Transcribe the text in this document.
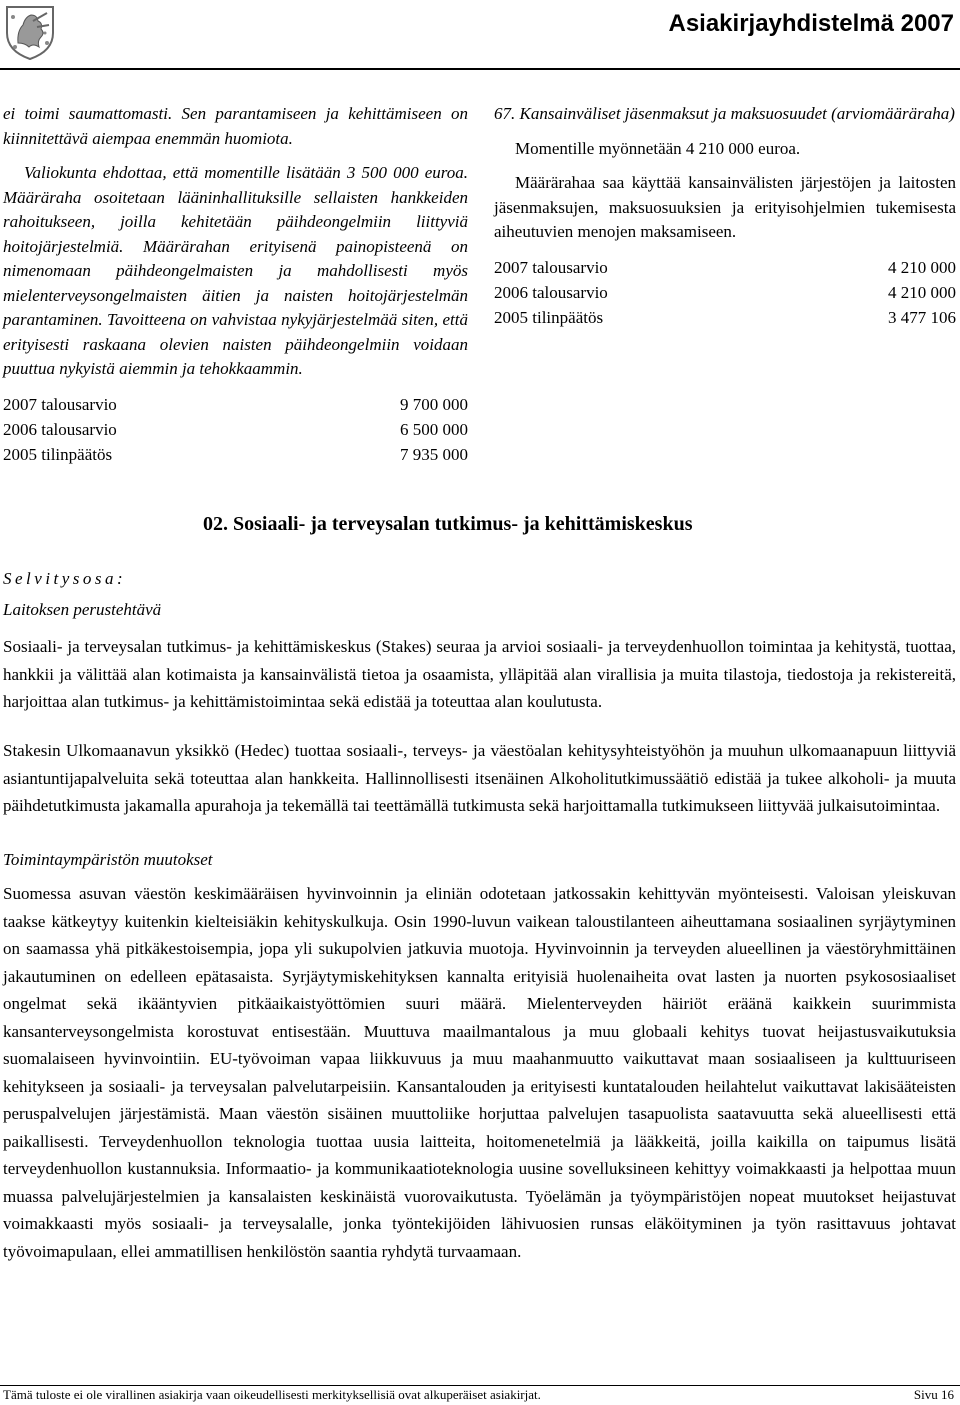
Asiakirjayhdistelmä 2007

ei toimi saumattomasti. Sen parantamiseen ja kehittämiseen on kiinnitettävä aiempaa enemmän huomiota.

Valiokunta ehdottaa, että momentille lisätään 3 500 000 euroa. Määräraha osoitetaan lääninhallituksille sellaisten hankkeiden rahoitukseen, joilla kehitetään päihdeongelmiin liittyviä hoitojärjestelmiä. Määrärahan erityisenä painopisteenä on nimenomaan päihdeongelmaisten ja mahdollisesti myös mielenterveysongelmaisten äitien ja naisten hoitojärjestelmän parantaminen. Tavoitteena on vahvistaa nykyjärjestelmää siten, että erityisesti raskaana olevien naisten päihdeongelmiin voidaan puuttua nykyistä aiemmin ja tehokkaammin.

2007 talousarvio	9 700 000
2006 talousarvio	6 500 000
2005 tilinpäätös	7 935 000

67. Kansainväliset jäsenmaksut ja maksuosuudet (arviomääräraha)

Momentille myönnetään 4 210 000 euroa.

Määrärahaa saa käyttää kansainvälisten järjestöjen ja laitosten jäsenmaksujen, maksuosuuksien ja erityisohjelmien tukemisesta aiheutuvien menojen maksamiseen.

2007 talousarvio	4 210 000
2006 talousarvio	4 210 000
2005 tilinpäätös	3 477 106
02. Sosiaali- ja terveysalan tutkimus- ja kehittämiskeskus
Selvitysosa:
Laitoksen perustehtävä
Sosiaali- ja terveysalan tutkimus- ja kehittämiskeskus (Stakes) seuraa ja arvioi sosiaali- ja terveydenhuollon toimintaa ja kehitystä, tuottaa, hankkii ja välittää alan kotimaista ja kansainvälistä tietoa ja osaamista, ylläpitää alan virallisia ja muita tilastoja, tiedostoja ja rekistereitä, harjoittaa alan tutkimus- ja kehittämistoimintaa sekä edistää ja toteuttaa alan koulutusta.
Stakesin Ulkomaanavun yksikkö (Hedec) tuottaa sosiaali-, terveys- ja väestöalan kehitysyhteistyöhön ja muuhun ulkomaanapuun liittyviä asiantuntijapalveluita sekä toteuttaa alan hankkeita. Hallinnollisesti itsenäinen Alkoholitutkimussäätiö edistää ja tukee alkoholi- ja muuta päihdetutkimusta jakamalla apurahoja ja tekemällä tai teettämällä tutkimusta sekä harjoittamalla tutkimukseen liittyvää julkaisutoimintaa.
Toimintaympäristön muutokset
Suomessa asuvan väestön keskimääräisen hyvinvoinnin ja eliniän odotetaan jatkossakin kehittyvän myönteisesti. Valoisan yleiskuvan taakse kätkeytyy kuitenkin kielteisiäkin kehityskulkuja. Osin 1990-luvun vaikean taloustilanteen aiheuttamana sosiaalinen syrjäytyminen on saamassa yhä pitkäkestoisempia, jopa yli sukupolvien jatkuvia muotoja. Hyvinvoinnin ja terveyden alueellinen ja väestöryhmittäinen jakautuminen on edelleen epätasaista. Syrjäytymiskehityksen kannalta erityisiä huolenaiheita ovat lasten ja nuorten psykososiaaliset ongelmat sekä ikääntyvien pitkäaikaistyöttömien suuri määrä. Mielenterveyden häiriöt eräänä kaikkein suurimmista kansanterveysongelmista korostuvat entisestään. Muuttuva maailmantalous ja muu globaali kehitys tuovat heijastusvaikutuksia suomalaiseen hyvinvointiin. EU-työvoiman vapaa liikkuvuus ja muu maahanmuutto vaikuttavat maan sosiaaliseen ja kulttuuriseen kehitykseen ja sosiaali- ja terveysalan palvelutarpeisiin. Kansantalouden ja erityisesti kuntatalouden heilahtelut vaikuttavat lakisääteisten peruspalvelujen järjestämistä. Maan väestön sisäinen muuttoliike horjuttaa palvelujen tasapuolista saatavuutta sekä alueellisesti että paikallisesti. Terveydenhuollon teknologia tuottaa uusia laitteita, hoitomenetelmiä ja lääkkeitä, joilla kaikilla on taipumus lisätä terveydenhuollon kustannuksia. Informaatio- ja kommunikaatioteknologia uusine sovelluksineen kehittyy voimakkaasti ja helpottaa muun muassa palvelujärjestelmien ja kansalaisten keskinäistä vuorovaikutusta. Työelämän ja työympäristöjen nopeat muutokset heijastuvat voimakkaasti myös sosiaali- ja terveysalalle, jonka työntekijöiden lähivuosien runsas eläköityminen ja työn rasittavuus johtavat työvoimapulaan, ellei ammatillisen henkilöstön saantia ryhdytä turvaamaan.
Tämä tuloste ei ole virallinen asiakirja vaan oikeudellisesti merkityksellisiä ovat alkuperäiset asiakirjat.	Sivu 16
